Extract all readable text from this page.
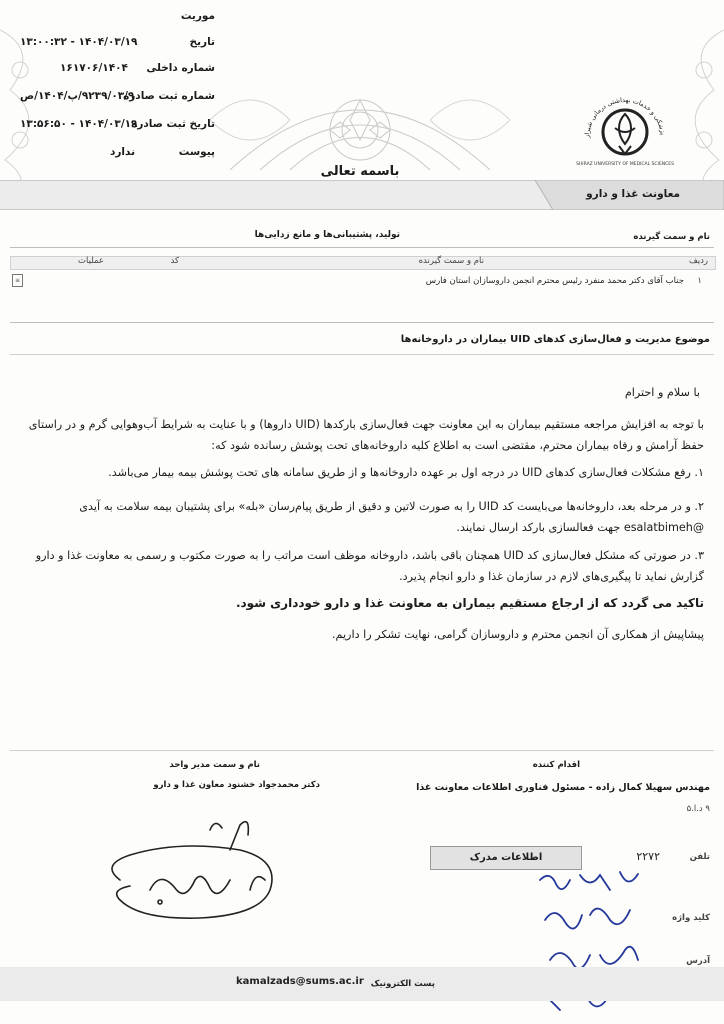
موریت
تاریخ
۱۴۰۴/۰۳/۱۹ - ۱۳:۰۰:۳۲
شماره داخلی
۱۶۱۷۰۶/۱۴۰۴
شماره ثبت صادره
۹۲۳۹/۰۳/۹/پ/۱۴۰۴/ص
تاریخ ثبت صادره
۱۴۰۴/۰۳/۱۹ - ۱۳:۵۶:۵۰
پیوست
ندارد
باسمه تعالی
پزشکی و خدمات بهداشتی درمانی شیراز
SHIRAZ UNIVERSITY OF MEDICAL SCIENCES
معاونت غذا و دارو
نام و سمت گیرنده
تولید، پشتیبانی‌ها و مانع زدایی‌ها
ردیف
نام و سمت گیرنده
کد
عملیات
۱
جناب آقای دکتر محمد منفرد رئیس محترم انجمن داروسازان استان فارس
≡
موضوع مدیریت و فعال‌سازی کدهای UID بیماران در داروخانه‌ها
با سلام و احترام
با توجه به افزایش مراجعه مستقیم بیماران به این معاونت جهت فعال‌سازی بارکدها (UID داروها) و با عنایت به شرایط آب‌وهوایی گرم و در راستای حفظ آرامش و رفاه بیماران محترم، مقتضی است به اطلاع کلیه داروخانه‌های تحت پوشش رسانده شود که:
۱. رفع مشکلات فعال‌سازی کدهای UID در درجه اول بر عهده داروخانه‌ها و از طریق سامانه های تحت پوشش بیمه بیمار می‌باشد.
۲. و در مرحله بعد، داروخانه‌ها می‌بایست کد UID را به صورت لاتین و دقیق از طریق پیام‌رسان «بله» برای پشتیبان بیمه سلامت به آیدی @esalatbimeh جهت فعالسازی بارکد ارسال نمایند.
۳. در صورتی که مشکل فعال‌سازی کد UID همچنان باقی باشد، داروخانه موظف است مراتب را به صورت مکتوب و رسمی به معاونت غذا و دارو گزارش نماید تا پیگیری‌های لازم در سازمان غذا و دارو انجام پذیرد.
تاکید می گردد که از ارجاع مستقیم بیماران به معاونت غذا و دارو خودداری شود.
پیشاپیش از همکاری آن انجمن محترم و داروسازان گرامی، نهایت تشکر را داریم.
نام و سمت مدیر واحد
دکتر محمدجواد خشنود معاون غذا و دارو
اقدام کننده
مهندس سهیلا کمال زاده - مسئول فناوری اطلاعات معاونت غذا
۹ د.ا.۵
اطلاعات مدرک	تلفن
۲۲۷۲
کلید واژه
آدرس
پست الکترونیک
kamalzads@sums.ac.ir
